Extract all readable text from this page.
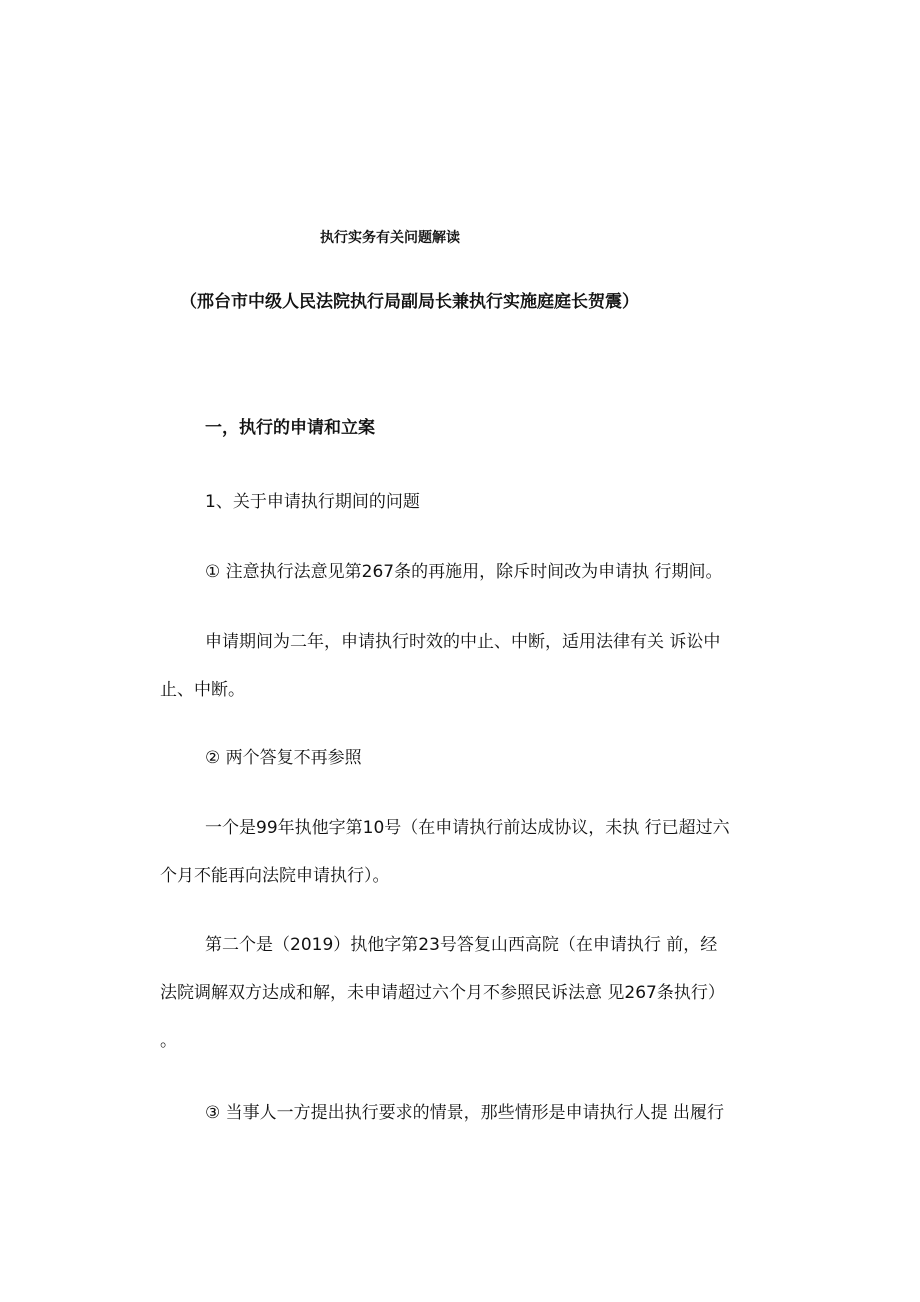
执行实务有关问题解读
（邢台市中级人民法院执行局副局长兼执行实施庭庭长贺震）
一，执行的申请和立案
1、关于申请执行期间的问题
① 注意执行法意见第267条的再施用，除斥时间改为申请执 行期间。
申请期间为二年，申请执行时效的中止、中断，适用法律有关 诉讼中
止、中断。
② 两个答复不再参照
一个是99年执他字第10号（在申请执行前达成协议，未执 行已超过六
个月不能再向法院申请执行）。
第二个是（2019）执他字第23号答复山西高院（在申请执行 前，经
法院调解双方达成和解，未申请超过六个月不参照民诉法意 见267条执行）
。
③ 当事人一方提出执行要求的情景，那些情形是申请执行人提 出履行
